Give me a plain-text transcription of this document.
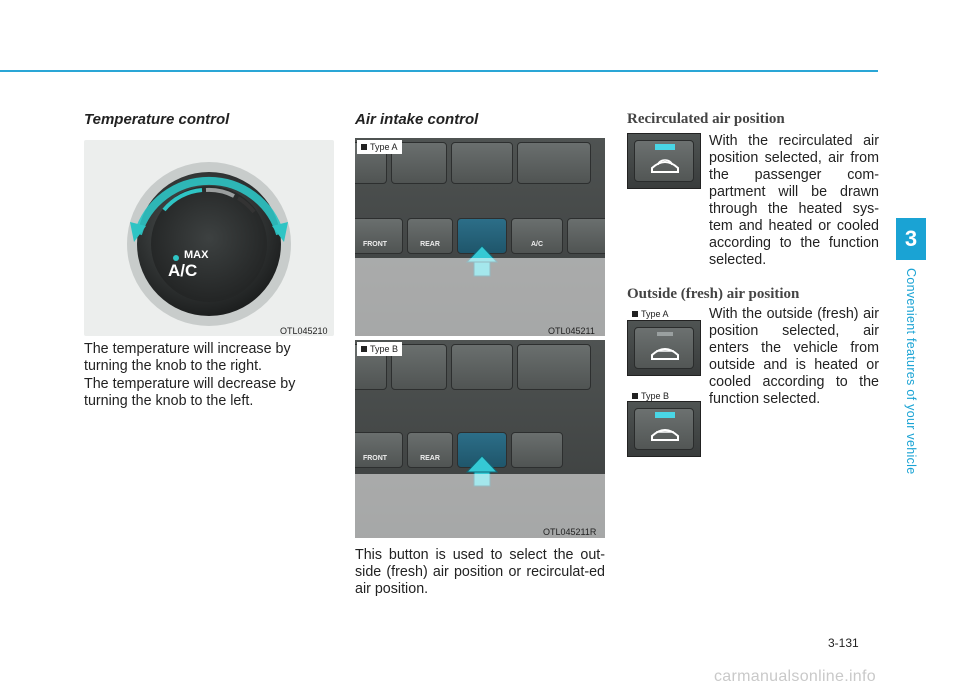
3
Convenient features of your vehicle
Temperature control
MAX
A/C
OTL045210
The temperature will increase by turning the knob to the right.
The temperature will decrease by turning the knob to the left.
Air intake control
FRONT	REAR	A/C
Type A
OTL045211
FRONT	REAR
Type B
OTL045211R
This button is used to select the out-side (fresh) air position or recirculat-ed air position.
Recirculated air position
With the recirculated air position selected, air from the passenger com-partment will be drawn through the heated sys-tem and heated or cooled according to the function selected.
Outside (fresh) air position
Type A	With the outside (fresh) air position selected, air enters the vehicle from outside and is heated or cooled according to the function selected.
Type B
3-131
carmanualsonline.info
